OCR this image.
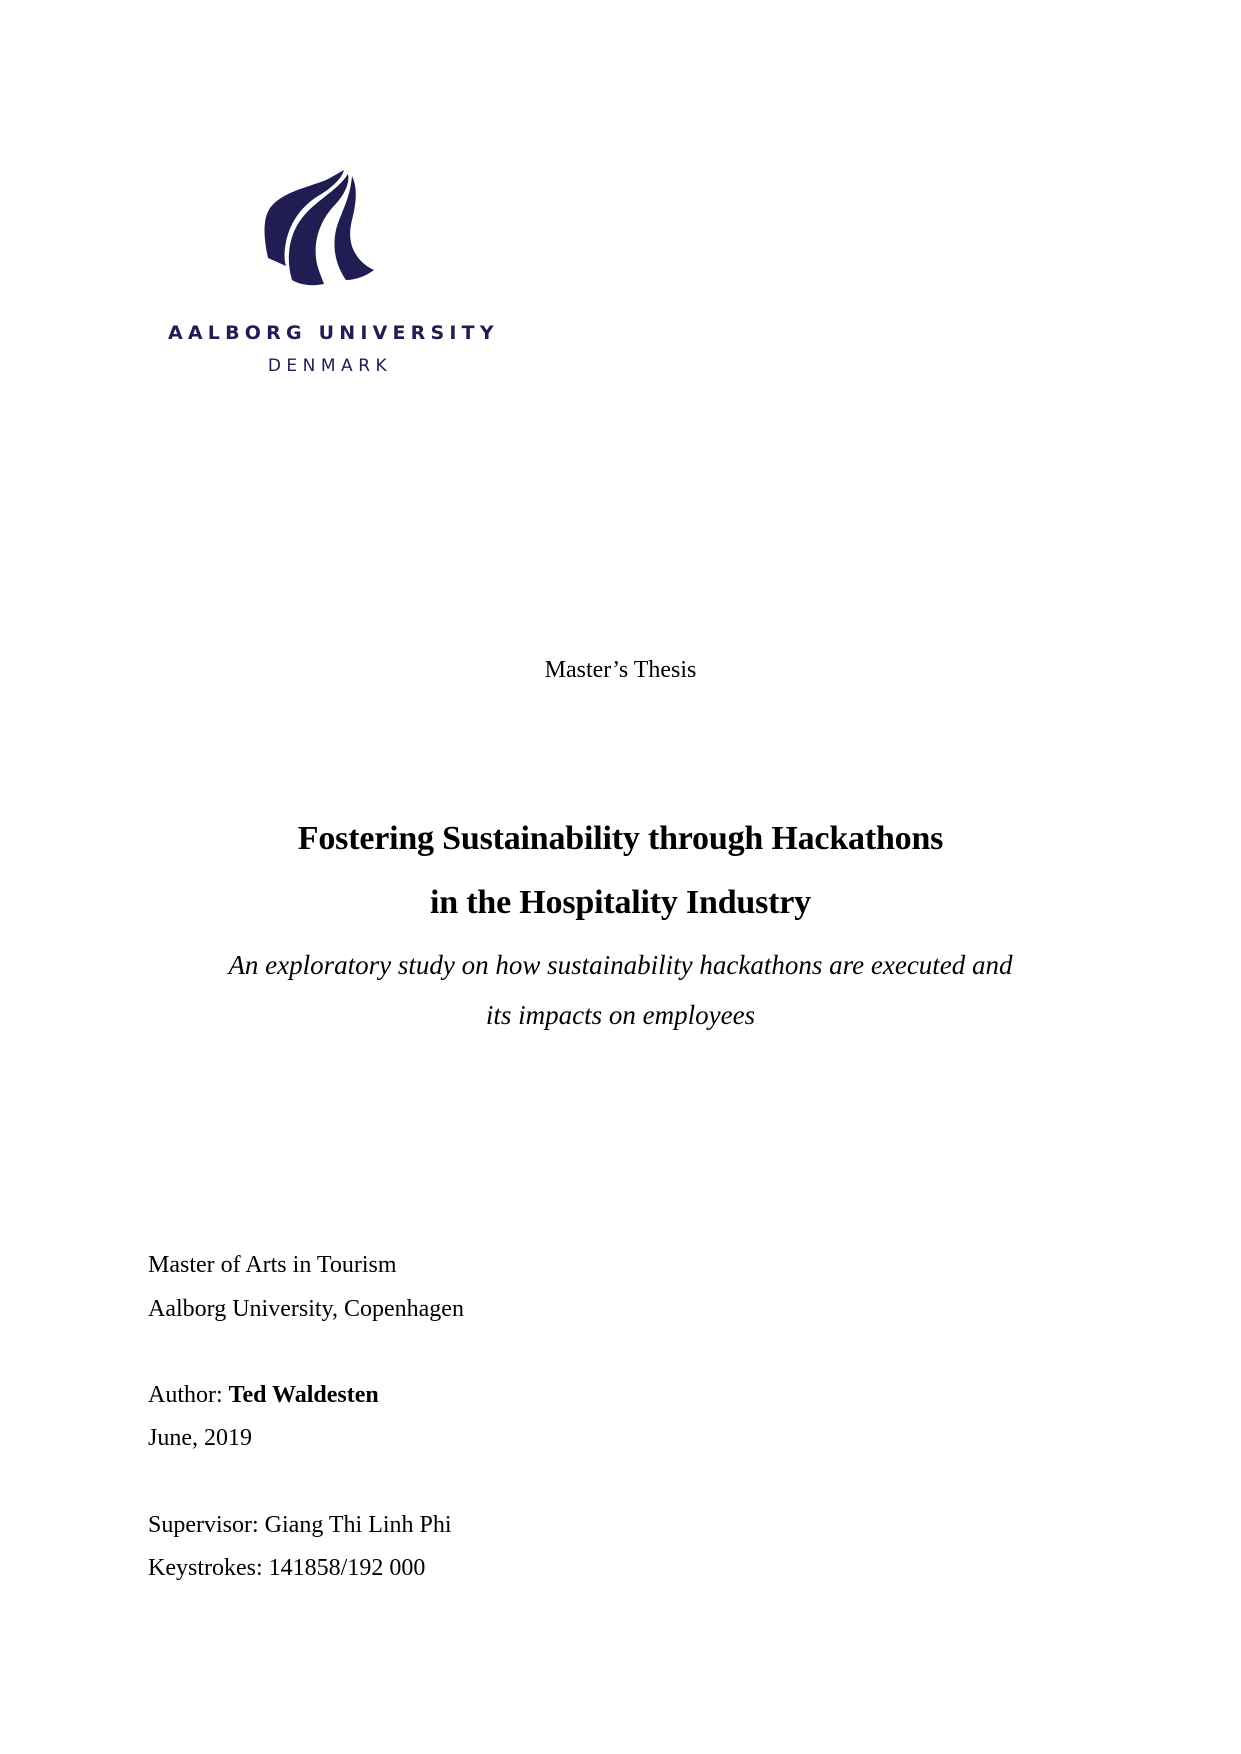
AALBORG UNIVERSITY
DENMARK
Master’s Thesis
Fostering Sustainability through Hackathons
in the Hospitality Industry
An exploratory study on how sustainability hackathons are executed and
its impacts on employees
Master of Arts in Tourism
Aalborg University, Copenhagen
Author: Ted Waldesten
June, 2019
Supervisor: Giang Thi Linh Phi
Keystrokes: 141858/192 000
